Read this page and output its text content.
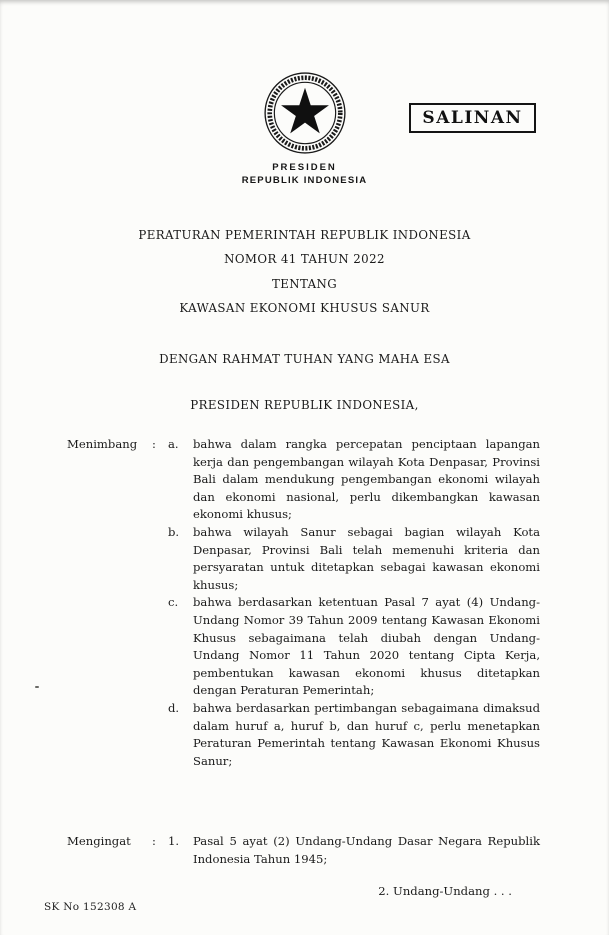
SALINAN
PRESIDEN
REPUBLIK INDONESIA
PERATURAN PEMERINTAH REPUBLIK INDONESIA
NOMOR 41 TAHUN 2022
TENTANG
KAWASAN EKONOMI KHUSUS SANUR
DENGAN RAHMAT TUHAN YANG MAHA ESA
PRESIDEN REPUBLIK INDONESIA,
Menimbang : a. bahwa dalam rangka percepatan penciptaan lapangan kerja dan pengembangan wilayah Kota Denpasar, Provinsi Bali dalam mendukung pengembangan ekonomi wilayah dan ekonomi nasional, perlu dikembangkan kawasan ekonomi khusus;

b. bahwa wilayah Sanur sebagai bagian wilayah Kota Denpasar, Provinsi Bali telah memenuhi kriteria dan persyaratan untuk ditetapkan sebagai kawasan ekonomi khusus;

c. bahwa berdasarkan ketentuan Pasal 7 ayat (4) Undang-Undang Nomor 39 Tahun 2009 tentang Kawasan Ekonomi Khusus sebagaimana telah diubah dengan Undang-Undang Nomor 11 Tahun 2020 tentang Cipta Kerja, pembentukan kawasan ekonomi khusus ditetapkan dengan Peraturan Pemerintah;

d. bahwa berdasarkan pertimbangan sebagaimana dimaksud dalam huruf a, huruf b, dan huruf c, perlu menetapkan Peraturan Pemerintah tentang Kawasan Ekonomi Khusus Sanur;

Mengingat : 1. Pasal 5 ayat (2) Undang-Undang Dasar Negara Republik Indonesia Tahun 1945;

2. Undang-Undang . . .
SK No 152308 A
